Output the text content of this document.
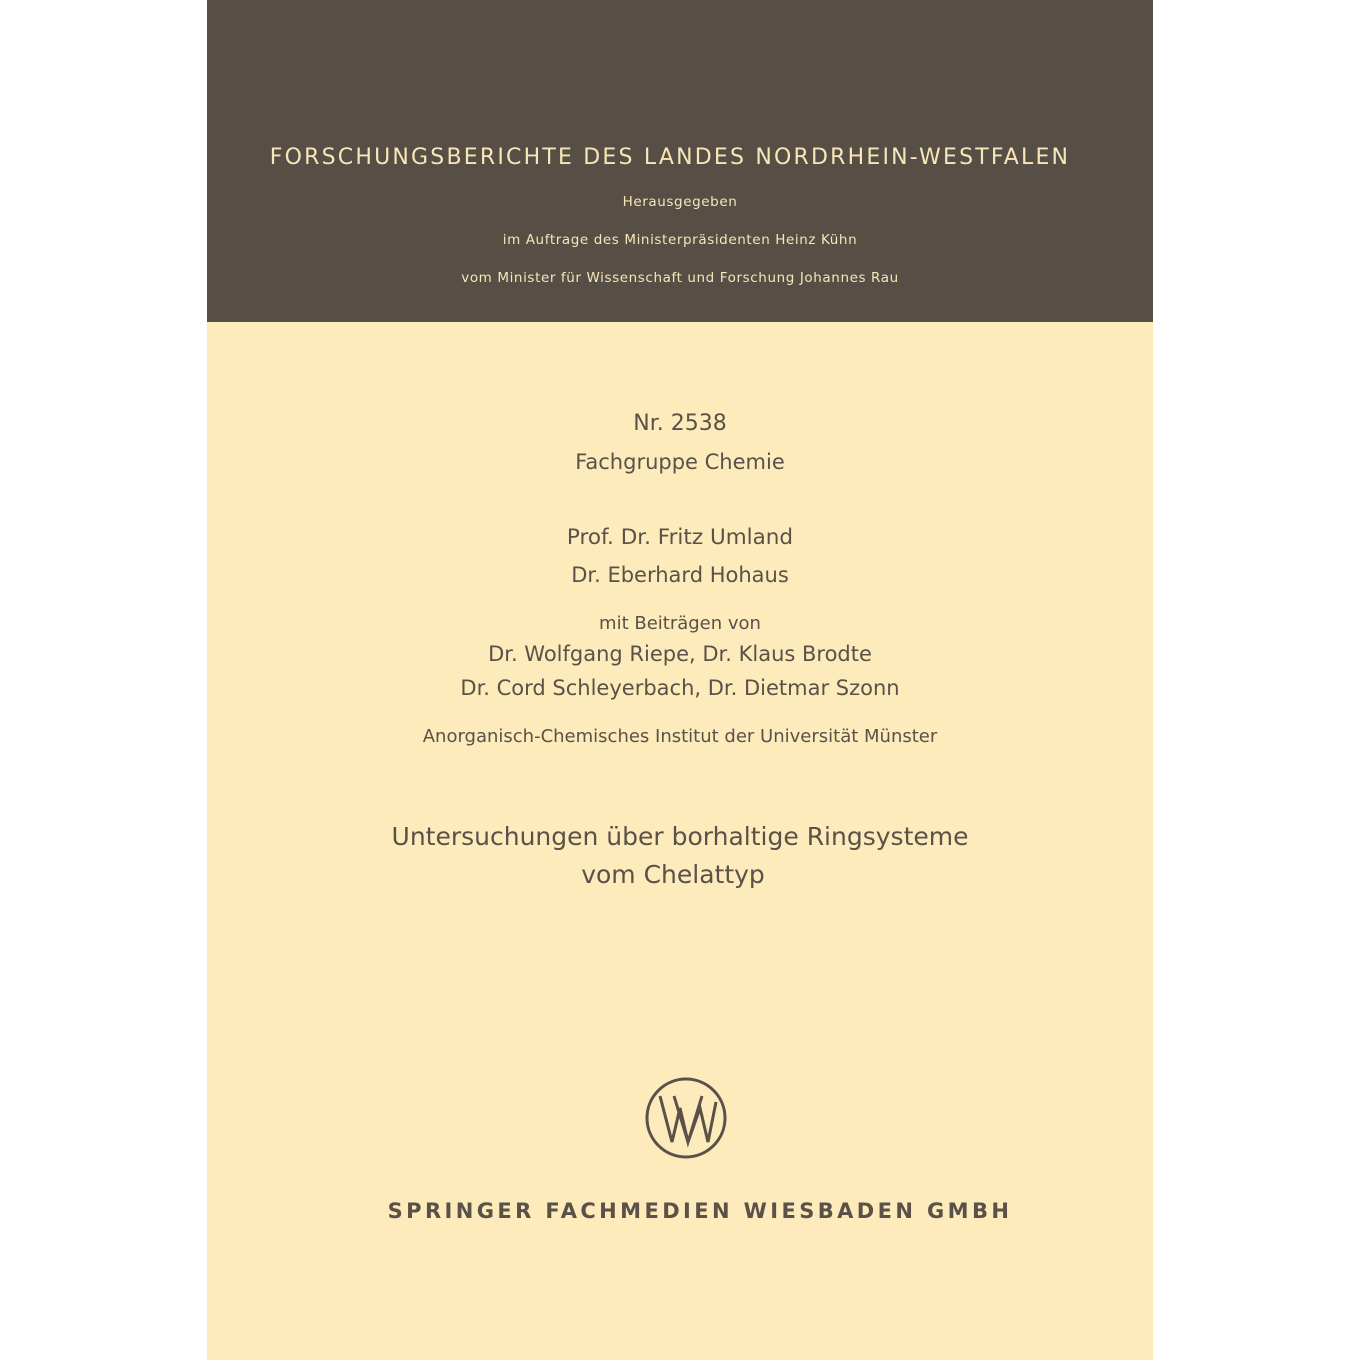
FORSCHUNGSBERICHTE DES LANDES NORDRHEIN-WESTFALEN
Herausgegeben
im Auftrage des Ministerpräsidenten Heinz Kühn
vom Minister für Wissenschaft und Forschung Johannes Rau
Nr. 2538
Fachgruppe Chemie
Prof. Dr. Fritz Umland
Dr. Eberhard Hohaus
mit Beiträgen von
Dr. Wolfgang Riepe, Dr. Klaus Brodte
Dr. Cord Schleyerbach, Dr. Dietmar Szonn
Anorganisch-Chemisches Institut der Universität Münster
Untersuchungen über borhaltige Ringsysteme
vom Chelattyp
SPRINGER FACHMEDIEN WIESBADEN GMBH
